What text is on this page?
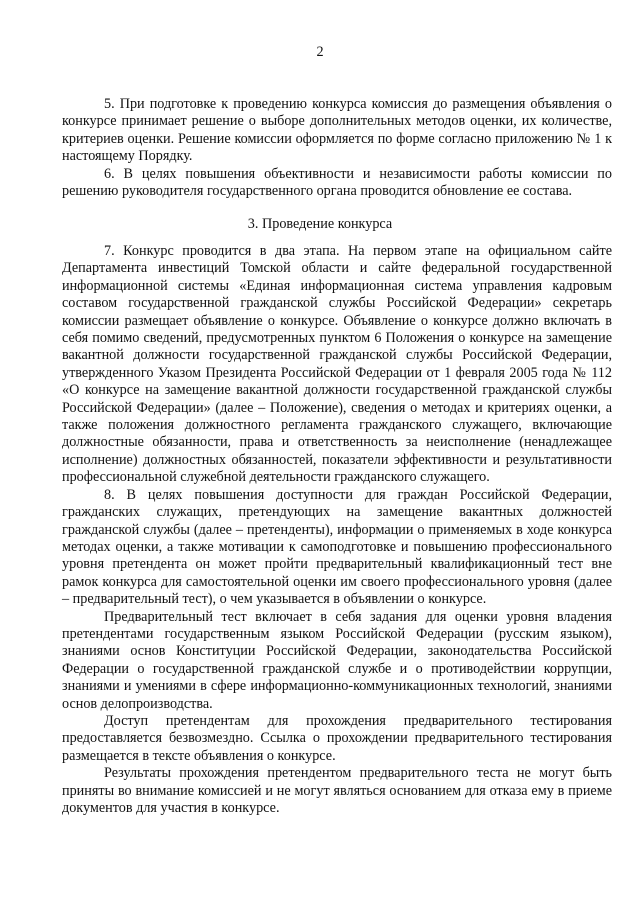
2

5. При подготовке к проведению конкурса комиссия до размещения объявления о конкурсе принимает решение о выборе дополнительных методов оценки, их количестве, критериев оценки. Решение комиссии оформляется по форме согласно приложению № 1 к настоящему Порядку.

6. В целях повышения объективности и независимости работы комиссии по решению руководителя государственного органа проводится обновление ее состава.

3. Проведение конкурса

7. Конкурс проводится в два этапа. На первом этапе на официальном сайте Департамента инвестиций Томской области и сайте федеральной государственной информационной системы «Единая информационная система управления кадровым составом государственной гражданской службы Российской Федерации» секретарь комиссии размещает объявление о конкурсе. Объявление о конкурсе должно включать в себя помимо сведений, предусмотренных пунктом 6 Положения о конкурсе на замещение вакантной должности государственной гражданской службы Российской Федерации, утвержденного Указом Президента Российской Федерации от 1 февраля 2005 года № 112 «О конкурсе на замещение вакантной должности государственной гражданской службы Российской Федерации» (далее – Положение), сведения о методах и критериях оценки, а также положения должностного регламента гражданского служащего, включающие должностные обязанности, права и ответственность за неисполнение (ненадлежащее исполнение) должностных обязанностей, показатели эффективности и результативности профессиональной служебной деятельности гражданского служащего.

8. В целях повышения доступности для граждан Российской Федерации, гражданских служащих, претендующих на замещение вакантных должностей гражданской службы (далее – претенденты), информации о применяемых в ходе конкурса методах оценки, а также мотивации к самоподготовке и повышению профессионального уровня претендента он может пройти предварительный квалификационный тест вне рамок конкурса для самостоятельной оценки им своего профессионального уровня (далее – предварительный тест), о чем указывается в объявлении о конкурсе.

Предварительный тест включает в себя задания для оценки уровня владения претендентами государственным языком Российской Федерации (русским языком), знаниями основ Конституции Российской Федерации, законодательства Российской Федерации о государственной гражданской службе и о противодействии коррупции, знаниями и умениями в сфере информационно-коммуникационных технологий, знаниями основ делопроизводства.

Доступ претендентам для прохождения предварительного тестирования предоставляется безвозмездно. Ссылка о прохождении предварительного тестирования размещается в тексте объявления о конкурсе.

Результаты прохождения претендентом предварительного теста не могут быть приняты во внимание комиссией и не могут являться основанием для отказа ему в приеме документов для участия в конкурсе.
